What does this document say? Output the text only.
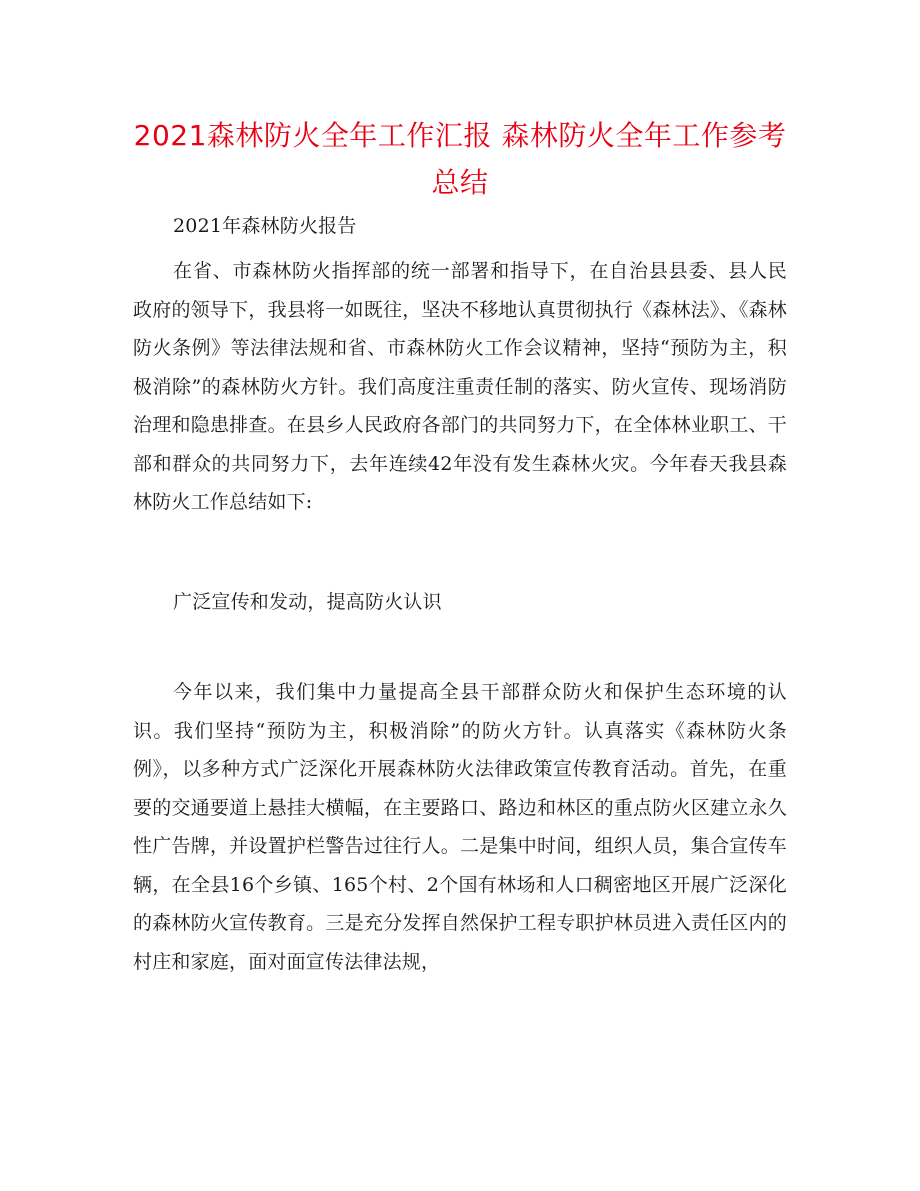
2021森林防火全年工作汇报 森林防火全年工作参考总结

2021年森林防火报告

在省、市森林防火指挥部的统一部署和指导下，在自治县县委、县人民政府的领导下，我县将一如既往，坚决不移地认真贯彻执行《森林法》、《森林防火条例》等法律法规和省、市森林防火工作会议精神，坚持“预防为主，积极消除”的森林防火方针。我们高度注重责任制的落实、防火宣传、现场消防治理和隐患排查。在县乡人民政府各部门的共同努力下，在全体林业职工、干部和群众的共同努力下，去年连续42年没有发生森林火灾。今年春天我县森林防火工作总结如下:

广泛宣传和发动，提高防火认识

今年以来，我们集中力量提高全县干部群众防火和保护生态环境的认识。我们坚持“预防为主，积极消除”的防火方针。认真落实《森林防火条例》，以多种方式广泛深化开展森林防火法律政策宣传教育活动。首先，在重要的交通要道上悬挂大横幅，在主要路口、路边和林区的重点防火区建立永久性广告牌，并设置护栏警告过往行人。二是集中时间，组织人员，集合宣传车辆，在全县16个乡镇、165个村、2个国有林场和人口稠密地区开展广泛深化的森林防火宣传教育。三是充分发挥自然保护工程专职护林员进入责任区内的村庄和家庭，面对面宣传法律法规，
